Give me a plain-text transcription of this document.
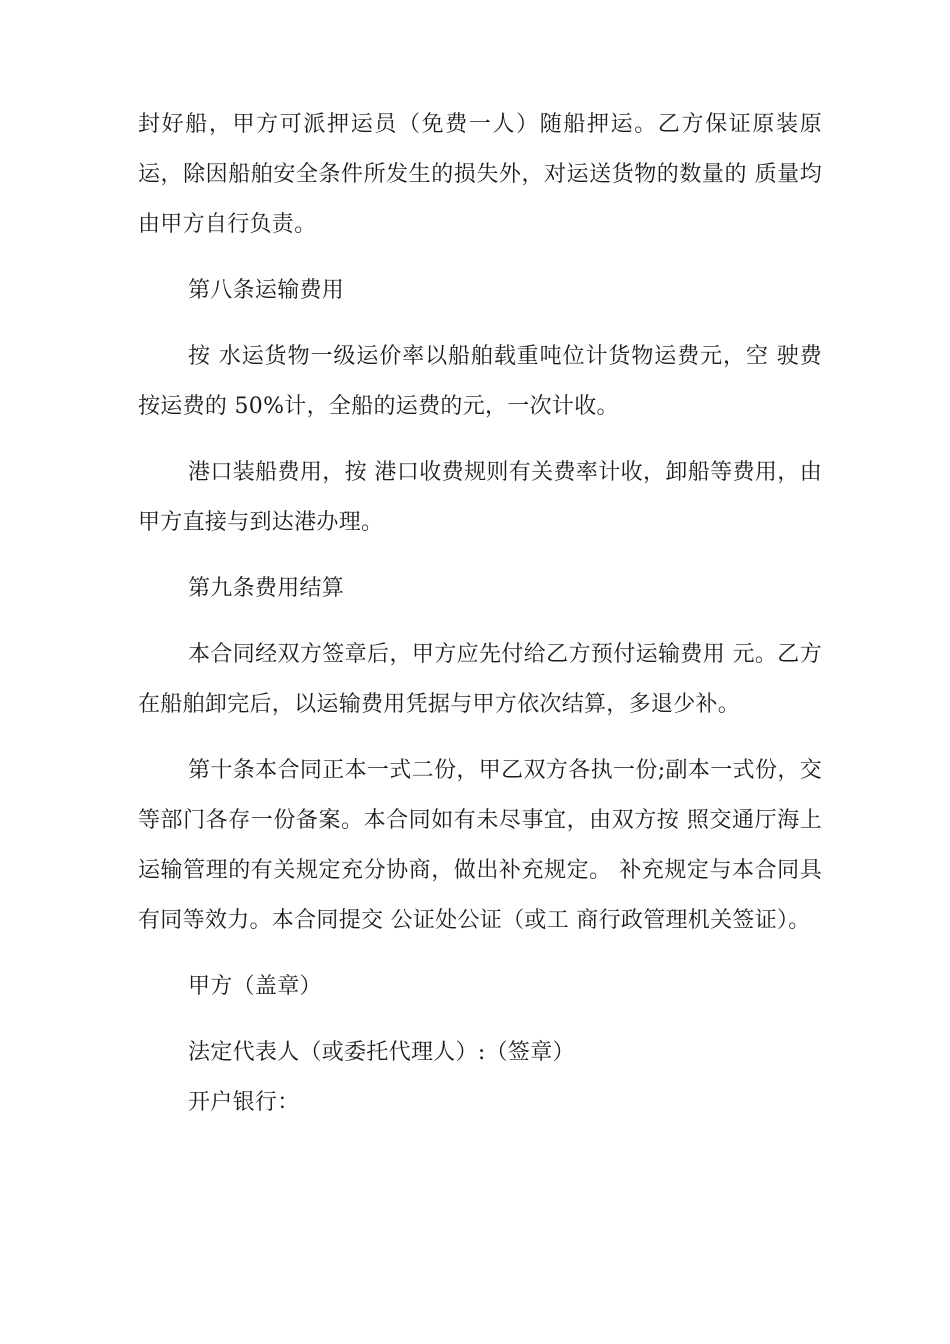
封好船，甲方可派押运员（免费一人）随船押运。乙方保证原装原运，除因船舶安全条件所发生的损失外，对运送货物的数量的 质量均由甲方自行负责。

第八条运输费用

按 水运货物一级运价率以船舶载重吨位计货物运费元，空 驶费按运费的 50%计，全船的运费的元，一次计收。

港口装船费用，按 港口收费规则有关费率计收，卸船等费用，由甲方直接与到达港办理。

第九条费用结算

本合同经双方签章后，甲方应先付给乙方预付运输费用 元。乙方在船舶卸完后，以运输费用凭据与甲方依次结算，多退少补。

第十条本合同正本一式二份，甲乙双方各执一份;副本一式份，交 等部门各存一份备案。本合同如有未尽事宜，由双方按 照交通厅海上运输管理的有关规定充分协商，做出补充规定。 补充规定与本合同具有同等效力。本合同提交 公证处公证（或工 商行政管理机关签证）。

甲方（盖章）

法定代表人（或委托代理人）:（签章）

开户银行：
